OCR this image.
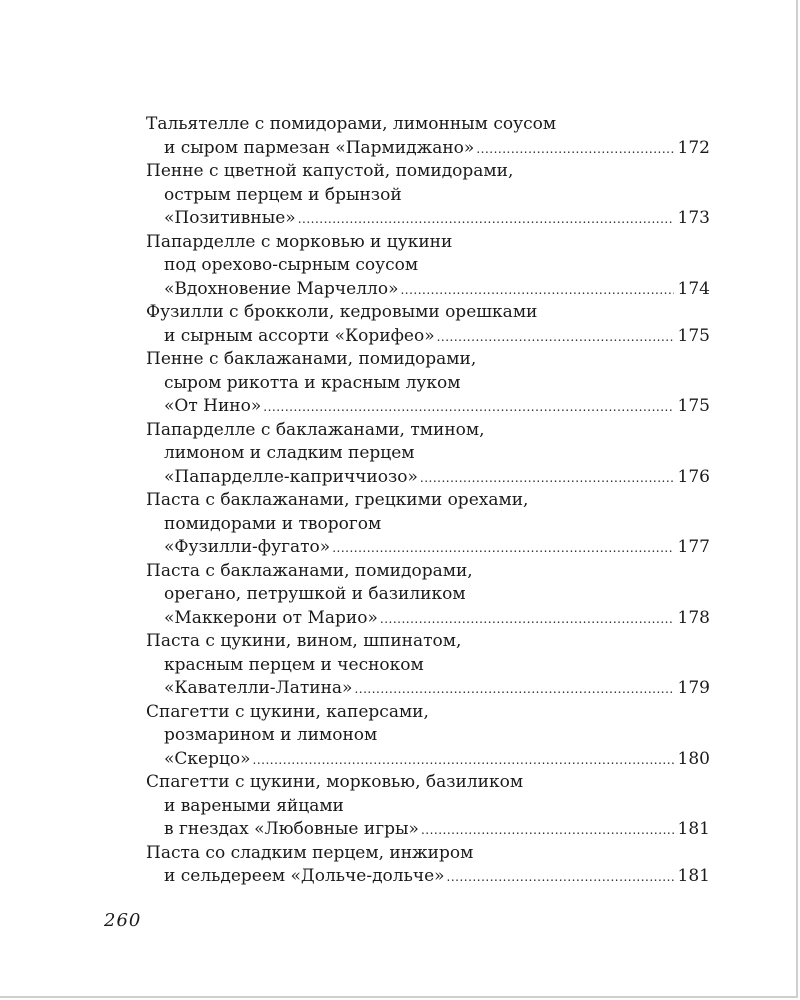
Тальятелле с помидорами, лимонным соусом
и сыром пармезан «Пармиджано» .....	172
Пенне с цветной капустой, помидорами,
острым перцем и брынзой
«Позитивные» .....	173
Папарделле с морковью и цукини
под орехово-сырным соусом
«Вдохновение Марчелло» .....	174
Фузилли с брокколи, кедровыми орешками
и сырным ассорти «Корифео» .....	175
Пенне с баклажанами, помидорами,
сыром рикотта и красным луком
«От Нино» .....	175
Папарделле с баклажанами, тмином,
лимоном и сладким перцем
«Папарделле-каприччиозо» .....	176
Паста с баклажанами, грецкими орехами,
помидорами и творогом
«Фузилли-фугато» .....	177
Паста с баклажанами, помидорами,
орегано, петрушкой и базиликом
«Маккерони от Марио» .....	178
Паста с цукини, вином, шпинатом,
красным перцем и чесноком
«Кавателли-Латина» .....	179
Спагетти с цукини, каперсами,
розмарином и лимоном
«Скерцо» .....	180
Спагетти с цукини, морковью, базиликом
и вареными яйцами
в гнездах «Любовные игры» .....	181
Паста со сладким перцем, инжиром
и сельдереем «Дольче-дольче» .....	181
260
